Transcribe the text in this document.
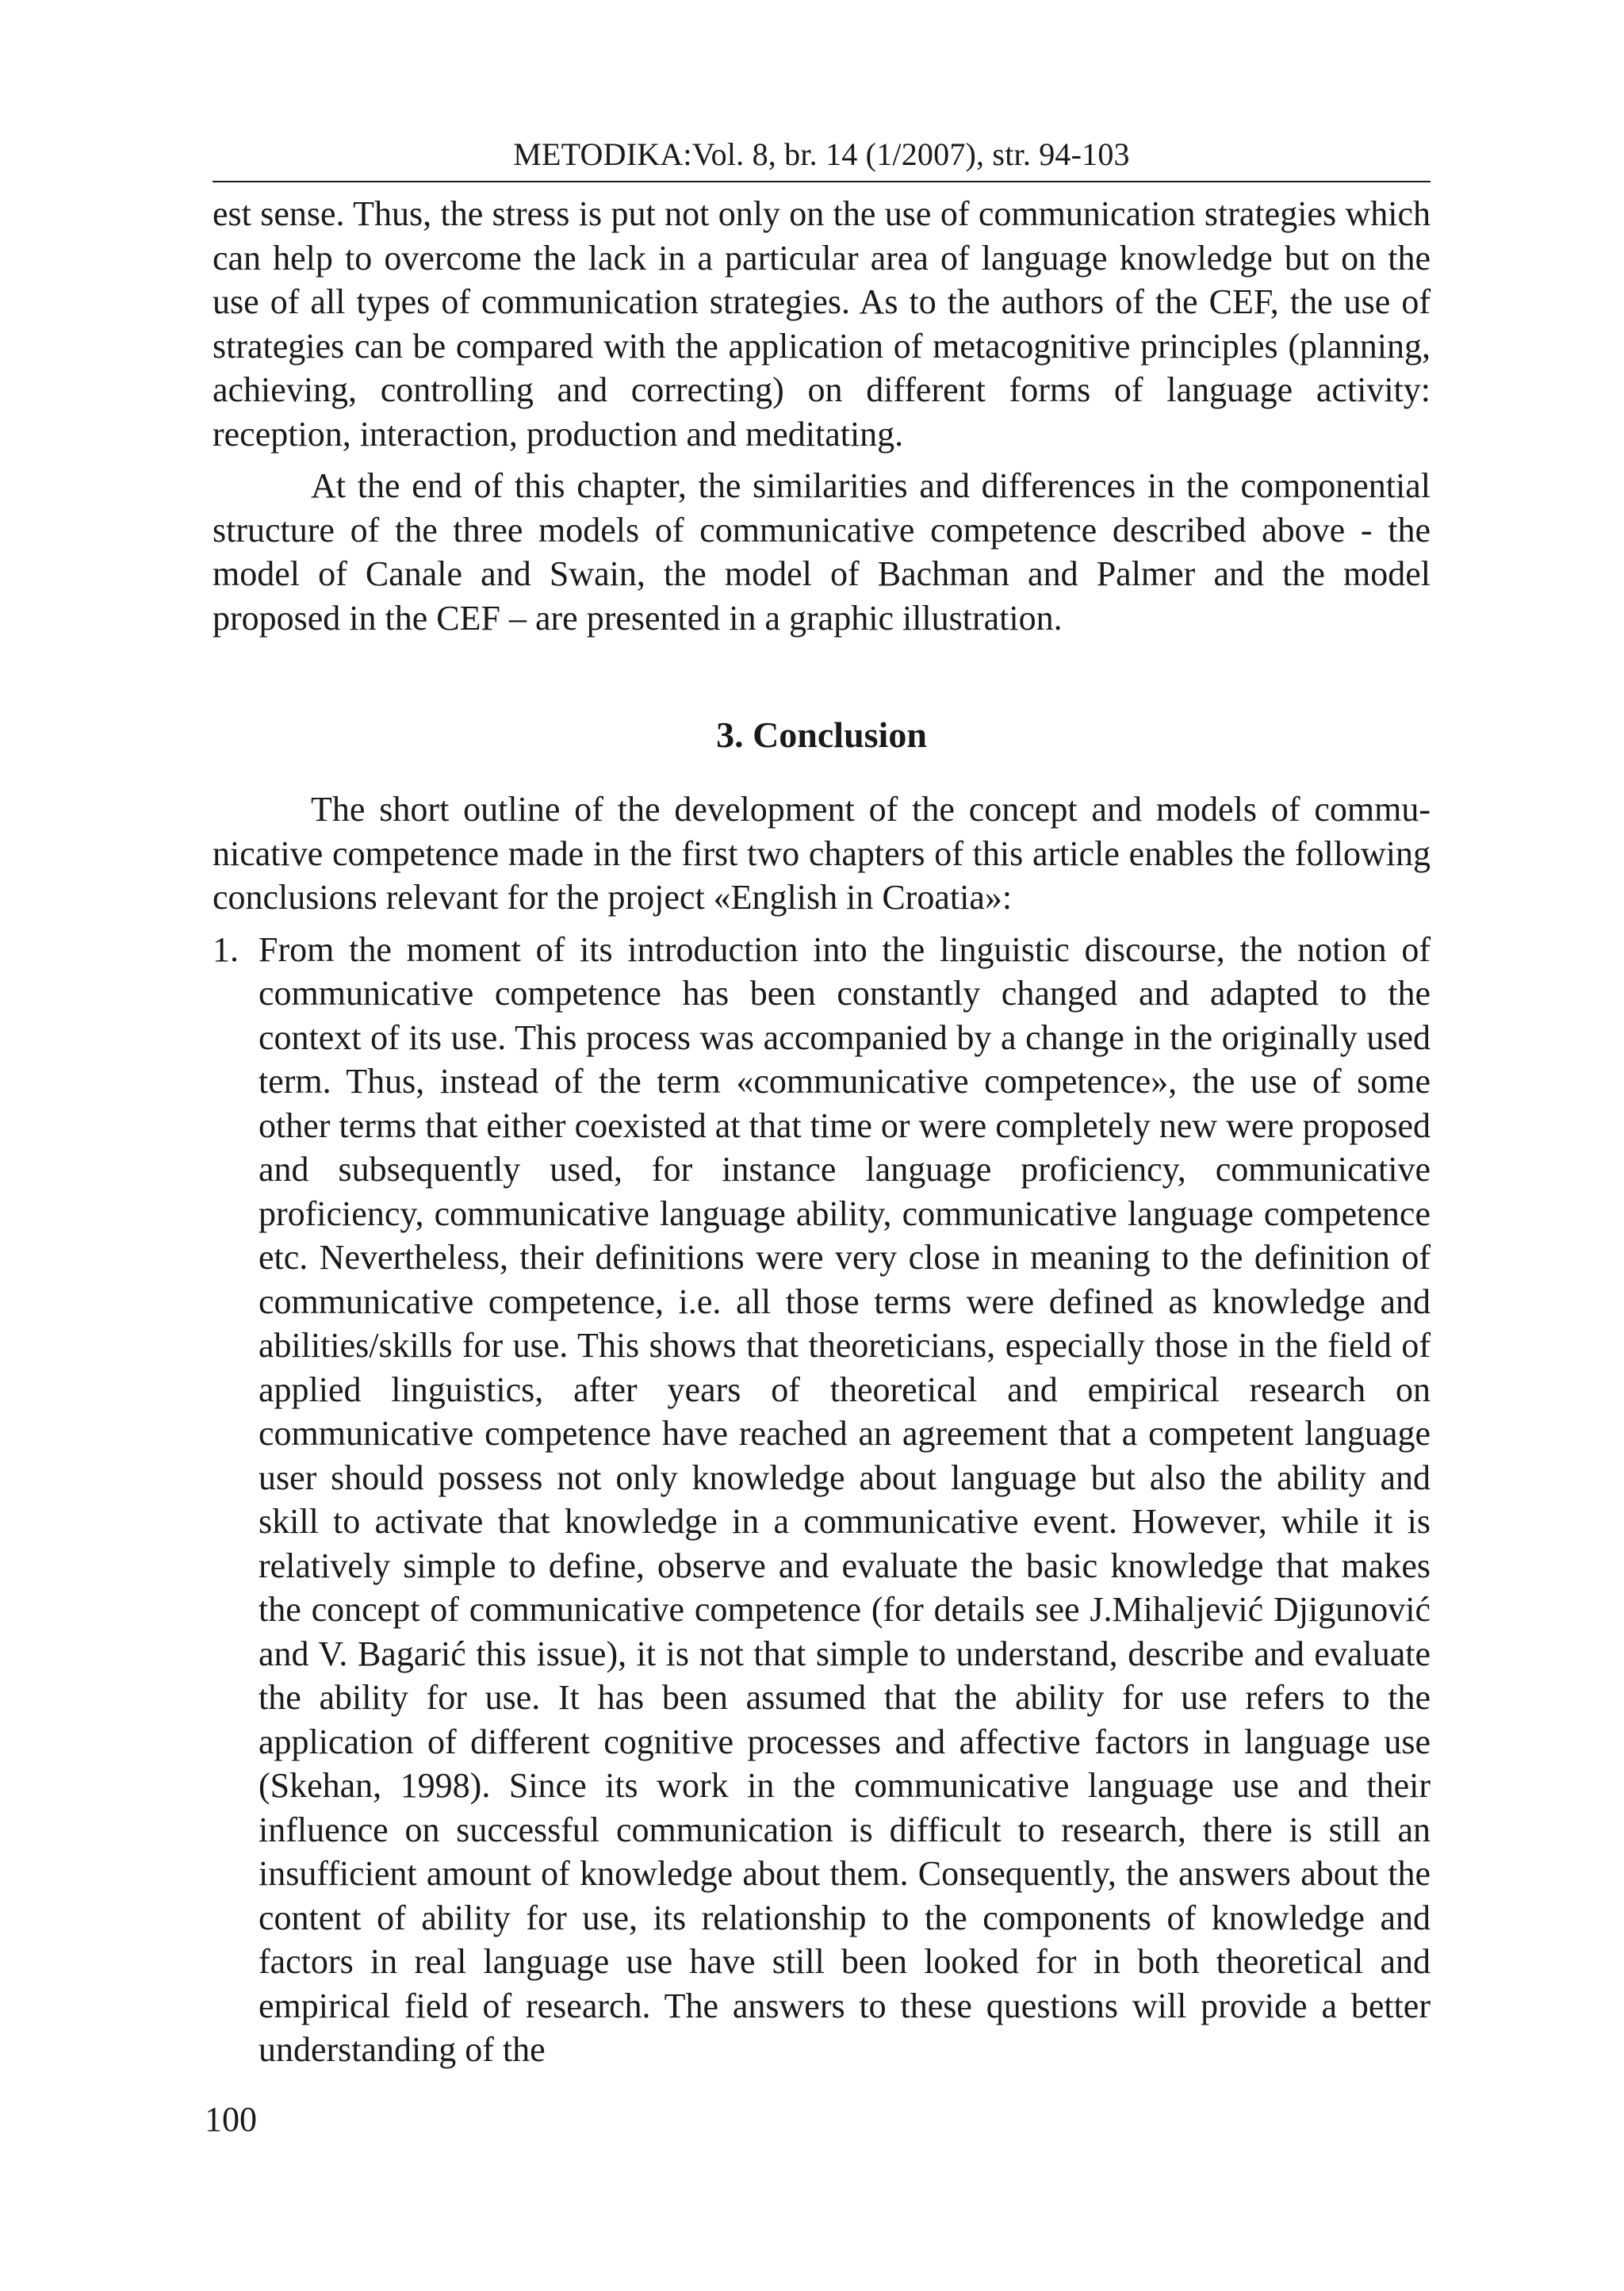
METODIKA:Vol. 8, br. 14 (1/2007), str. 94-103

est sense. Thus, the stress is put not only on the use of communication strategies which can help to overcome the lack in a particular area of language knowledge but on the use of all types of communication strategies. As to the authors of the CEF, the use of strategies can be compared with the application of metacognitive principles (planning, achieving, controlling and correcting) on different forms of language activity: reception, interaction, production and meditating.

At the end of this chapter, the similarities and differences in the componential structure of the three models of communicative competence described above - the model of Canale and Swain, the model of Bachman and Palmer and the model proposed in the CEF – are presented in a graphic illustration.

3. Conclusion

The short outline of the development of the concept and models of communicative competence made in the first two chapters of this article enables the following conclusions relevant for the project «English in Croatia»:

1. From the moment of its introduction into the linguistic discourse, the notion of communicative competence has been constantly changed and adapted to the context of its use. This process was accompanied by a change in the originally used term. Thus, instead of the term «communicative competence», the use of some other terms that either coexisted at that time or were completely new were proposed and subsequently used, for instance language proficiency, communicative proficiency, communicative language ability, communicative language competence etc. Nevertheless, their definitions were very close in meaning to the definition of communicative competence, i.e. all those terms were defined as knowledge and abilities/skills for use. This shows that theoreticians, especially those in the field of applied linguistics, after years of theoretical and empirical research on communicative competence have reached an agreement that a competent language user should possess not only knowledge about language but also the ability and skill to activate that knowledge in a communicative event. However, while it is relatively simple to define, observe and evaluate the basic knowledge that makes the concept of communicative competence (for details see J.Mihaljević Djigunović and V. Bagarić this issue), it is not that simple to understand, describe and evaluate the ability for use. It has been assumed that the ability for use refers to the application of different cognitive processes and affective factors in language use (Skehan, 1998). Since its work in the communicative language use and their influence on successful communication is difficult to research, there is still an insufficient amount of knowledge about them. Consequently, the answers about the content of ability for use, its relationship to the components of knowledge and factors in real language use have still been looked for in both theoretical and empirical field of research. The answers to these questions will provide a better understanding of the

100
